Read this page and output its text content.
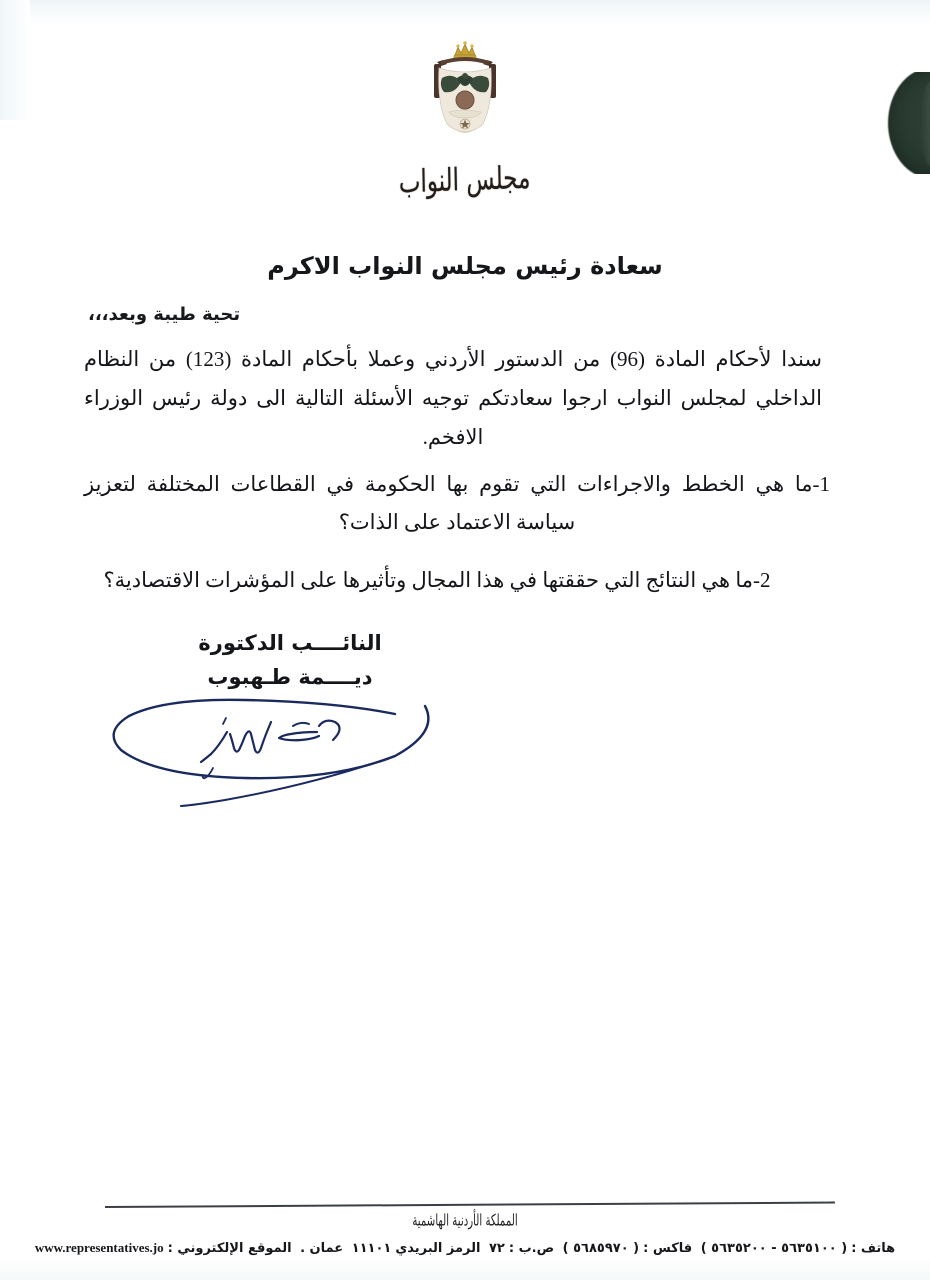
مجلس النواب
سعادة رئيس مجلس النواب الاكرم
تحية طيبة وبعد،،،
سندا لأحكام المادة (96) من الدستور الأردني وعملا بأحكام المادة (123) من النظام الداخلي لمجلس النواب ارجوا سعادتكم توجيه الأسئلة التالية الى دولة رئيس الوزراء الافخم.
1-ما هي الخطط والاجراءات التي تقوم بها الحكومة في القطاعات المختلفة لتعزيز سياسة الاعتماد على الذات؟
2-ما هي النتائج التي حققتها في هذا المجال وتأثيرها على المؤشرات الاقتصادية؟
النائــــب الدكتورة
ديــــمة طـهبوب
المملكة الأردنية الهاشمية
هاتف :( ٥٦٣٥١٠٠ - ٥٦٣٥٢٠٠ ) فاكس :( ٥٦٨٥٩٧٠ ) ص.ب :٧٢ الرمز البريدي١١١٠١ عمان . الموقع الإلكتروني :www.representatives.jo
